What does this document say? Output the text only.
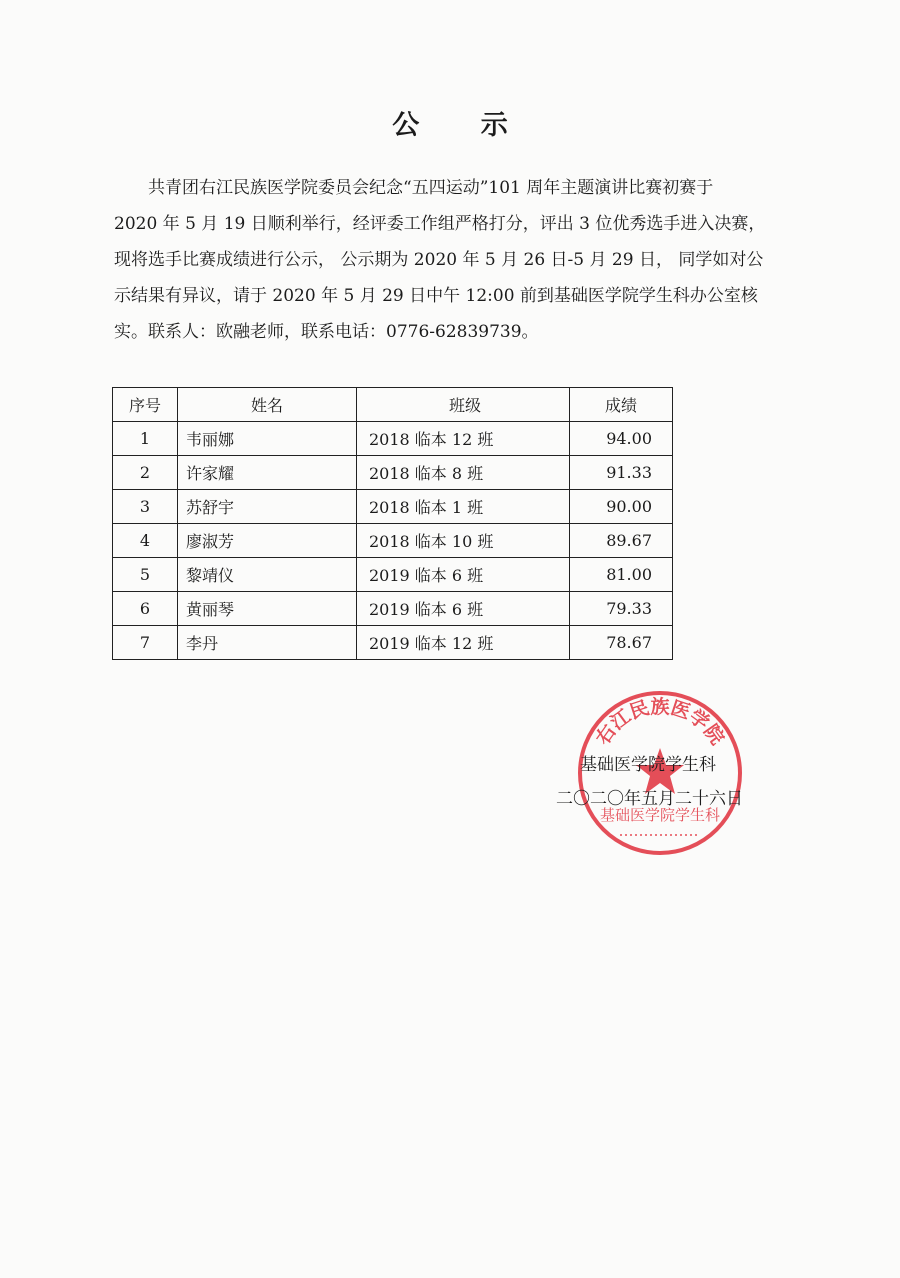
公 示

共青团右江民族医学院委员会纪念“五四运动”101 周年主题演讲比赛初赛于
2020 年 5 月 19 日顺利举行，经评委工作组严格打分，评出 3 位优秀选手进入决赛，
现将选手比赛成绩进行公示， 公示期为 2020 年 5 月 26 日-5 月 29 日， 同学如对公
示结果有异议，请于 2020 年 5 月 29 日中午 12:00 前到基础医学院学生科办公室核
实。联系人：欧融老师，联系电话：0776-62839739。

序号	姓名	班级	成绩
1	韦丽娜	2018 临本 12 班	94.00
2	许家耀	2018 临本 8 班	91.33
3	苏舒宇	2018 临本 1 班	90.00
4	廖淑芳	2018 临本 10 班	89.67
5	黎靖仪	2019 临本 6 班	81.00
6	黄丽琴	2019 临本 6 班	79.33
7	李丹	2019 临本 12 班	78.67
右江民族医学院
基础医学院学生科
基础医学院学生科
二〇二〇年五月二十六日
